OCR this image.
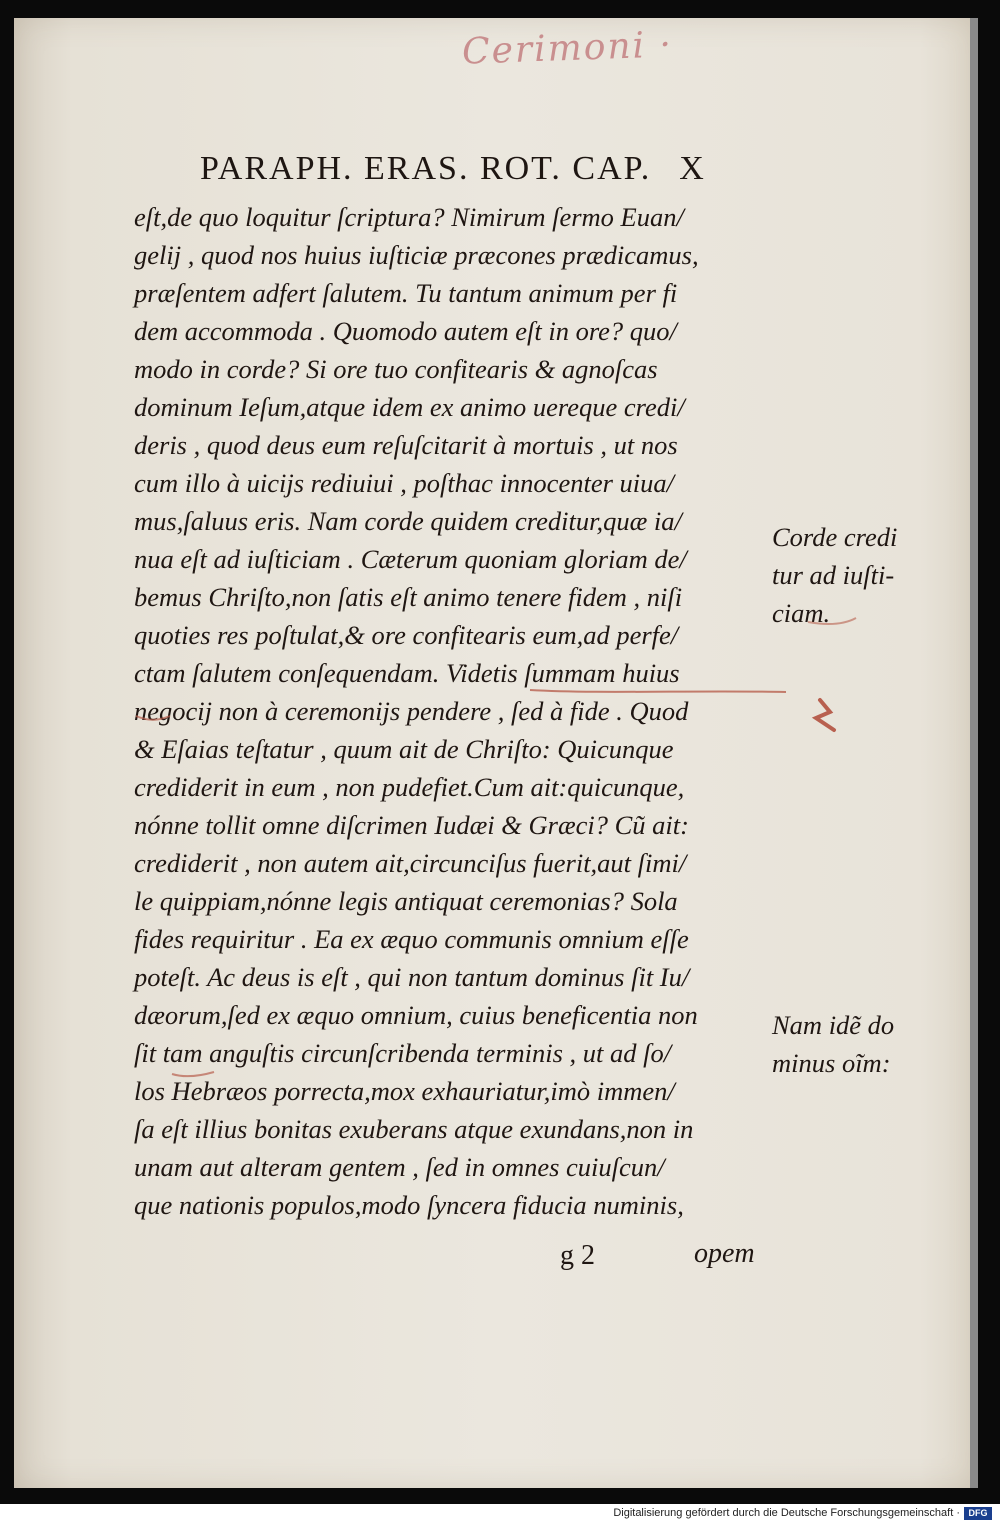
Cerimoni ·
PARAPH. ERAS. ROT. CAP. X
eſt,de quo loquitur ſcriptura? Nimirum ſermo Euan/
gelij , quod nos huius iuſticiæ præcones prædicamus,
præſentem adfert ſalutem. Tu tantum animum per fi
dem accommoda . Quomodo autem eſt in ore? quo/
modo in corde? Si ore tuo confitearis & agnoſcas
dominum Ieſum,atque idem ex animo uereque credi/
deris , quod deus eum reſuſcitarit à mortuis , ut nos
cum illo à uicijs rediuiui , poſthac innocenter uiua/
mus,ſaluus eris. Nam corde quidem creditur,quæ ia/
nua eſt ad iuſticiam . Cæterum quoniam gloriam de/
bemus Chriſto,non ſatis eſt animo tenere fidem , niſi
quoties res poſtulat,& ore confitearis eum,ad perfe/
ctam ſalutem conſequendam. Videtis ſummam huius
negocij non à ceremonijs pendere , ſed à fide . Quod
& Eſaias teſtatur , quum ait de Chriſto: Quicunque
crediderit in eum , non pudefiet.Cum ait:quicunque,
nónne tollit omne diſcrimen Iudæi & Græci? Cũ ait:
crediderit , non autem ait,circunciſus fuerit,aut ſimi/
le quippiam,nónne legis antiquat ceremonias? Sola
fides requiritur . Ea ex æquo communis omnium eſſe
poteſt. Ac deus is eſt , qui non tantum dominus ſit Iu/
dæorum,ſed ex æquo omnium, cuius beneficentia non
ſit tam anguſtis circunſcribenda terminis , ut ad ſo/
los Hebræos porrecta,mox exhauriatur,imò immen/
ſa eſt illius bonitas exuberans atque exundans,non in
unam aut alteram gentem , ſed in omnes cuiuſcun/
que nationis populos,modo ſyncera fiducia numinis,
Corde credi
tur ad iuſti-
ciam.
Nam idẽ do
minus oĩm:
g 2	opem
Digitalisierung gefördert durch die Deutsche Forschungsgemeinschaft · DFG
